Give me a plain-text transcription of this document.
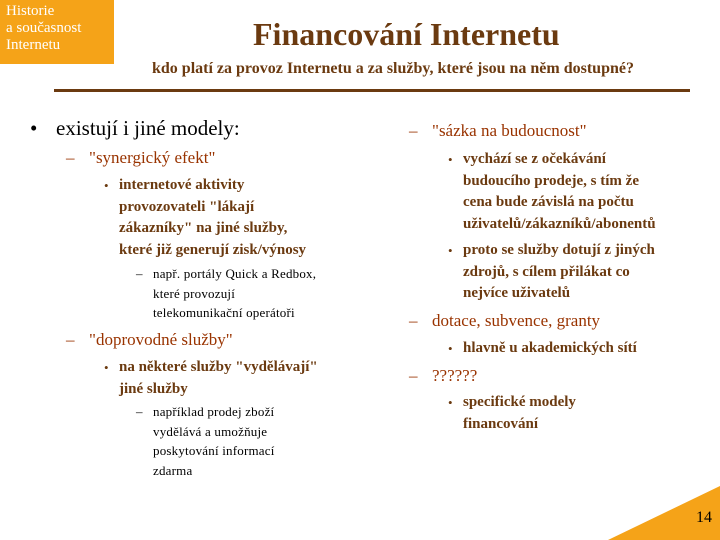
Historie
a současnost
Internetu	Financování Internetu
kdo platí za provoz Internetu a za služby, které jsou na něm dostupné?
• existují i jiné modely:
– "synergický efekt"
• internetové aktivity
provozovateli "lákají
zákazníky" na jiné služby,
které již generují zisk/výnosy
– např. portály Quick a Redbox,
které provozují
telekomunikační operátoři
– "doprovodné služby"
• na některé služby "vydělávají"
jiné služby
– například prodej zboží
vydělává a umožňuje
poskytování informací
zdarma
– "sázka na budoucnost"
• vychází se z očekávání
budoucího prodeje, s tím že
cena bude závislá na počtu
uživatelů/zákazníků/abonentů
• proto se služby dotují z jiných
zdrojů, s cílem přilákat co
nejvíce uživatelů
– dotace, subvence, granty
• hlavně u akademických sítí
– ??????
• specifické modely
financování
14
